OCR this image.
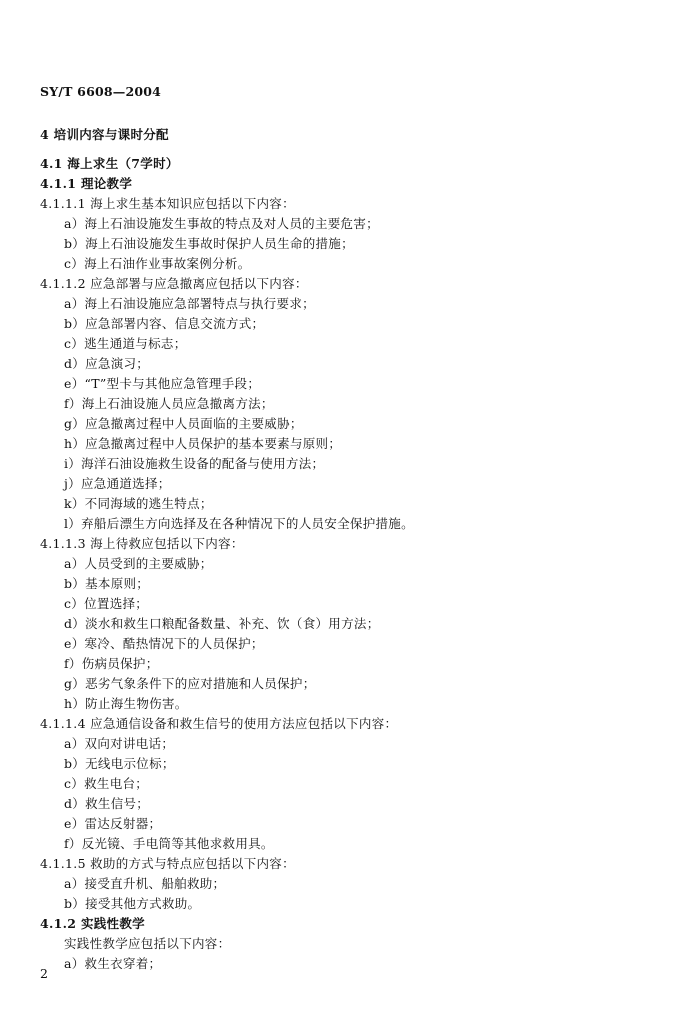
SY/T 6608—2004
4 培训内容与课时分配
4.1 海上求生（7学时）
4.1.1 理论教学
4.1.1.1 海上求生基本知识应包括以下内容：
a）海上石油设施发生事故的特点及对人员的主要危害；
b）海上石油设施发生事故时保护人员生命的措施；
c）海上石油作业事故案例分析。
4.1.1.2 应急部署与应急撤离应包括以下内容：
a）海上石油设施应急部署特点与执行要求；
b）应急部署内容、信息交流方式；
c）逃生通道与标志；
d）应急演习；
e）“T”型卡与其他应急管理手段；
f）海上石油设施人员应急撤离方法；
g）应急撤离过程中人员面临的主要威胁；
h）应急撤离过程中人员保护的基本要素与原则；
i）海洋石油设施救生设备的配备与使用方法；
j）应急通道选择；
k）不同海域的逃生特点；
l）弃船后漂生方向选择及在各种情况下的人员安全保护措施。
4.1.1.3 海上待救应包括以下内容：
a）人员受到的主要威胁；
b）基本原则；
c）位置选择；
d）淡水和救生口粮配备数量、补充、饮（食）用方法；
e）寒冷、酷热情况下的人员保护；
f）伤病员保护；
g）恶劣气象条件下的应对措施和人员保护；
h）防止海生物伤害。
4.1.1.4 应急通信设备和救生信号的使用方法应包括以下内容：
a）双向对讲电话；
b）无线电示位标；
c）救生电台；
d）救生信号；
e）雷达反射器；
f）反光镜、手电筒等其他求救用具。
4.1.1.5 救助的方式与特点应包括以下内容：
a）接受直升机、船舶救助；
b）接受其他方式救助。
4.1.2 实践性教学
实践性教学应包括以下内容：
a）救生衣穿着；
2
